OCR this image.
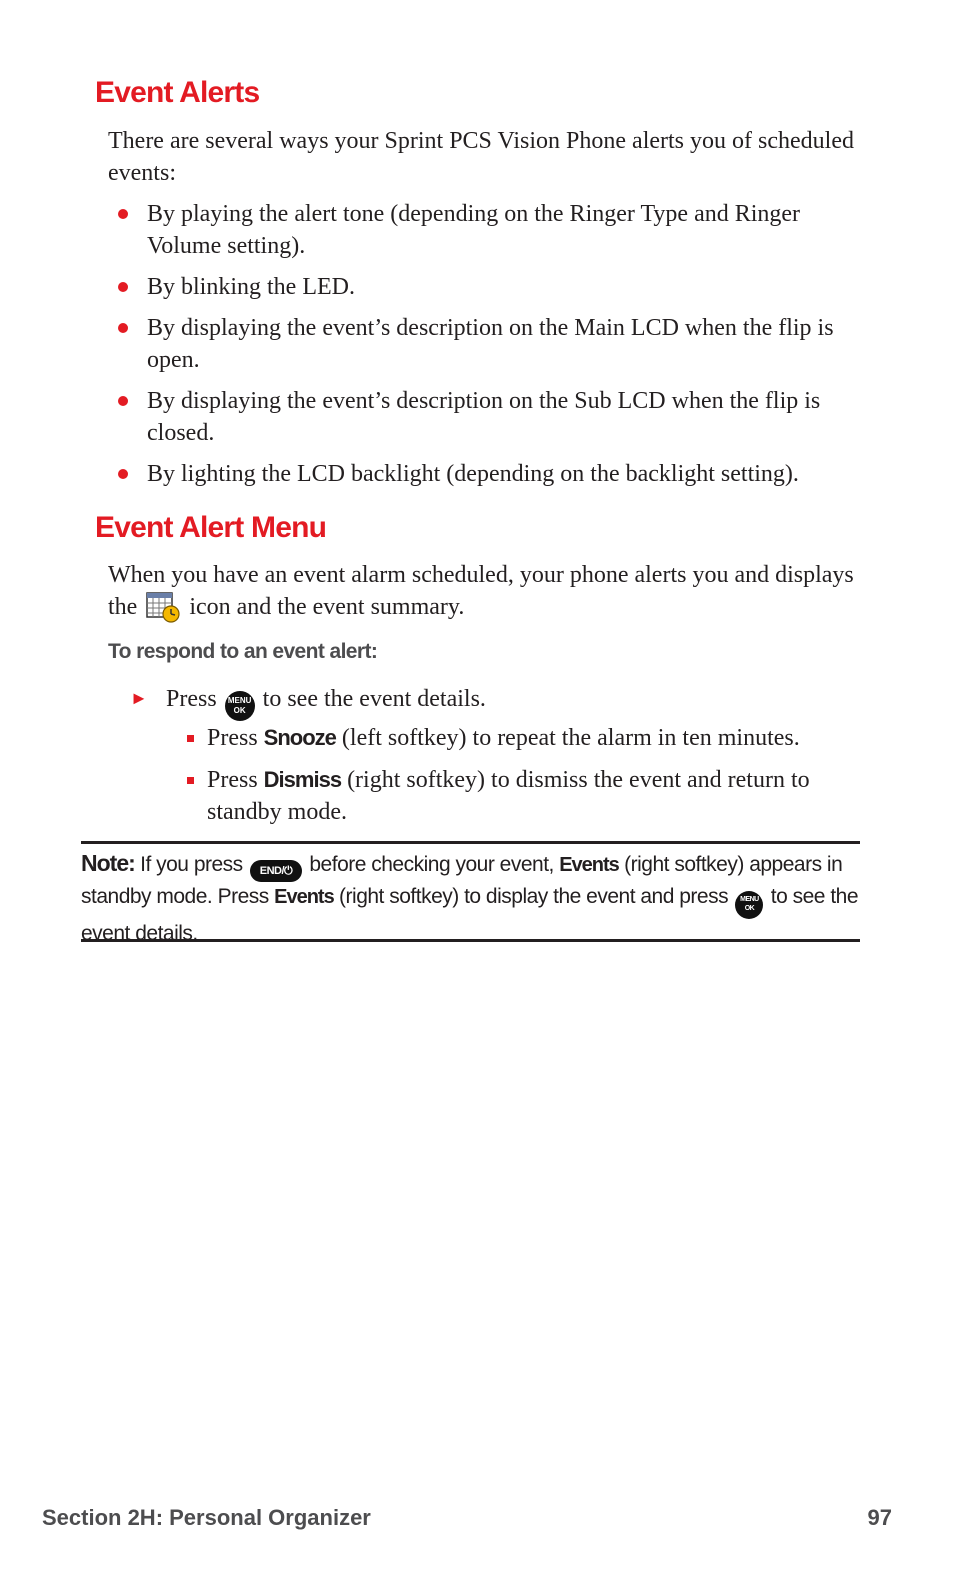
Event Alerts

There are several ways your Sprint PCS Vision Phone alerts you of scheduled events:

By playing the alert tone (depending on the Ringer Type and Ringer Volume setting).
By blinking the LED.
By displaying the event’s description on the Main LCD when the flip is open.
By displaying the event’s description on the Sub LCD when the flip is closed.
By lighting the LCD backlight (depending on the backlight setting).
Event Alert Menu

When you have an event alarm scheduled, your phone alerts you and displays the icon and the event summary.

To respond to an event alert:

► Press MENU
OK to see the event details.

Press Snooze (left softkey) to repeat the alarm in ten minutes.
Press Dismiss (right softkey) to dismiss the event and return to standby mode.

Note: If you press END/⏻ before checking your event, Events (right softkey) appears in standby mode. Press Events (right softkey) to display the event and press MENU
OK to see the event details.

Section 2H: Personal Organizer	97
